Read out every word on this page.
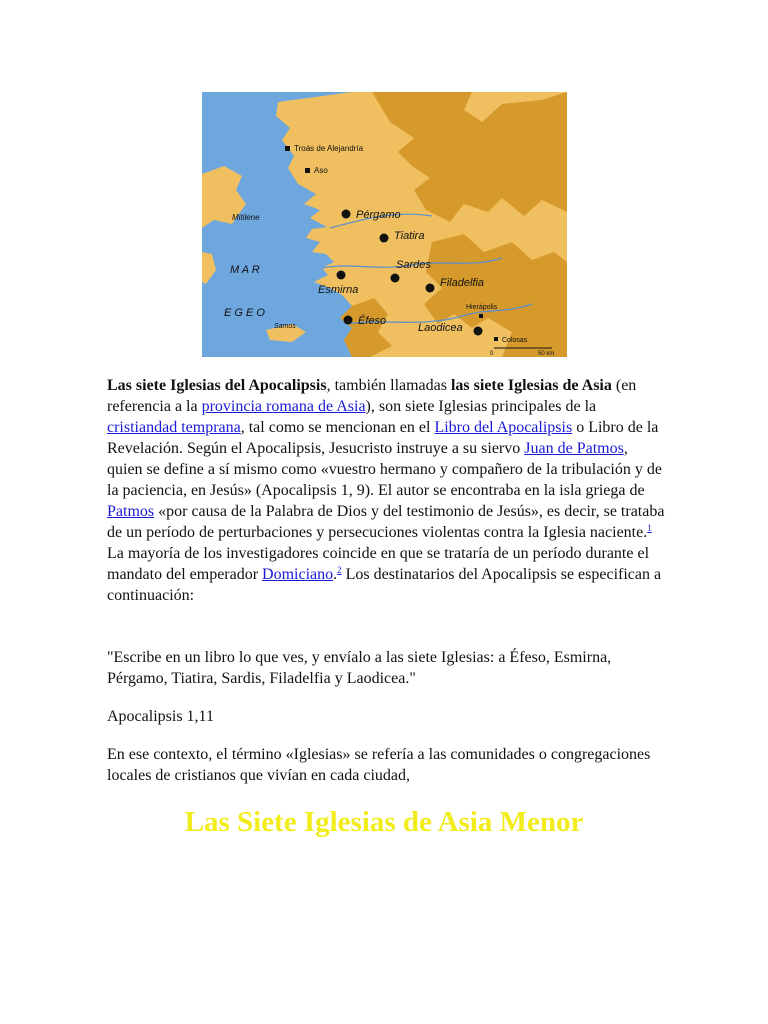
M A R
E G E O
Mitilene
Samos
Troás de Alejandría
Aso
Hierápolis
Colosas
Pérgamo
Tiatira
Sardes
Filadelfia
Esmirna
Éfeso
Laodicea
0	50 km

Las siete Iglesias del Apocalipsis, también llamadas las siete Iglesias de Asia (en referencia a la provincia romana de Asia), son siete Iglesias principales de la cristiandad temprana, tal como se mencionan en el Libro del Apocalipsis o Libro de la Revelación. Según el Apocalipsis, Jesucristo instruye a su siervo Juan de Patmos, quien se define a sí mismo como «vuestro hermano y compañero de la tribulación y de la paciencia, en Jesús» (Apocalipsis 1, 9). El autor se encontraba en la isla griega de Patmos «por causa de la Palabra de Dios y del testimonio de Jesús», es decir, se trataba de un período de perturbaciones y persecuciones violentas contra la Iglesia naciente.$^1$ La mayoría de los investigadores coincide en que se trataría de un período durante el mandato del emperador Domiciano.$^2$ Los destinatarios del Apocalipsis se especifican a continuación:

"Escribe en un libro lo que ves, y envíalo a las siete Iglesias: a Éfeso, Esmirna, Pérgamo, Tiatira, Sardis, Filadelfia y Laodicea."

Apocalipsis 1,11

En ese contexto, el término «Iglesias» se refería a las comunidades o congregaciones locales de cristianos que vivían en cada ciudad,

Las Siete Iglesias de Asia Menor
